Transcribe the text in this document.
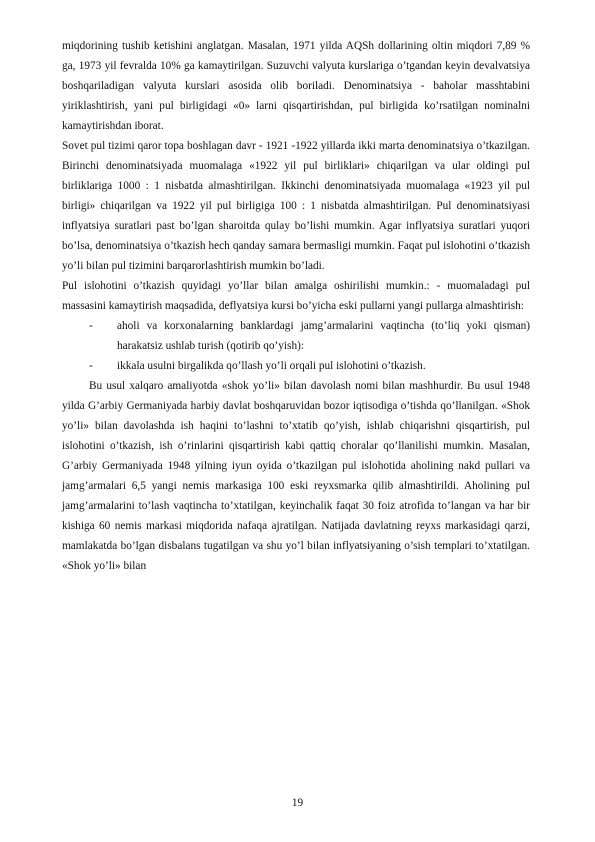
miqdorining tushib ketishini anglatgan. Masalan, 1971 yilda AQSh dollarining oltin miqdori 7,89 % ga, 1973 yil fevralda 10% ga kamaytirilgan. Suzuvchi valyuta kurslariga o’tgandan keyin devalvatsiya boshqariladigan valyuta kurslari asosida olib boriladi. Denominatsiya - baholar masshtabini yiriklashtirish, yani pul birligidagi «0» larni qisqartirishdan, pul birligida ko’rsatilgan nominalni kamaytirishdan iborat.

Sovet pul tizimi qaror topa boshlagan davr - 1921 -1922 yillarda ikki marta denominatsiya o’tkazilgan. Birinchi denominatsiyada muomalaga «1922 yil pul birliklari» chiqarilgan va ular oldingi pul birliklariga 1000 : 1 nisbatda almashtirilgan. Ikkinchi denominatsiyada muomalaga «1923 yil pul birligi» chiqarilgan va 1922 yil pul birligiga 100 : 1 nisbatda almashtirilgan. Pul denominatsiyasi inflyatsiya suratlari past bo’lgan sharoitda qulay bo’lishi mumkin. Agar inflyatsiya suratlari yuqori bo’lsa, denominatsiya o’tkazish hech qanday samara bermasligi mumkin. Faqat pul islohotini o’tkazish yo’li bilan pul tizimini barqarorlashtirish mumkin bo’ladi.

Pul islohotini o’tkazish quyidagi yo’llar bilan amalga oshirilishi mumkin.: - muomaladagi pul massasini kamaytirish maqsadida, deflyatsiya kursi bo’yicha eski pullarni yangi pullarga almashtirish:

- aholi va korxonalarning banklardagi jamg’armalarini vaqtincha (to’liq yoki qisman) harakatsiz ushlab turish (qotirib qo’yish):

- ikkala usulni birgalikda qo’llash yo’li orqali pul islohotini o’tkazish.

Bu usul xalqaro amaliyotda «shok yo’li» bilan davolash nomi bilan mashhurdir. Bu usul 1948 yilda G’arbiy Germaniyada harbiy davlat boshqaruvidan bozor iqtisodiga o’tishda qo’llanilgan. «Shok yo’li» bilan davolashda ish haqini to’lashni to’xtatib qo’yish, ishlab chiqarishni qisqartirish, pul islohotini o’tkazish, ish o’rinlarini qisqartirish kabi qattiq choralar qo’llanilishi mumkin. Masalan, G’arbiy Germaniyada 1948 yilning iyun oyida o’tkazilgan pul islohotida aholining nakd pullari va jamg’armalari 6,5 yangi nemis markasiga 100 eski reyxsmarka qilib almashtirildi. Aholining pul jamg’armalarini to’lash vaqtincha to’xtatilgan, keyinchalik faqat 30 foiz atrofida to’langan va har bir kishiga 60 nemis markasi miqdorida nafaqa ajratilgan. Natijada davlatning reyxs markasidagi qarzi, mamlakatda bo’lgan disbalans tugatilgan va shu yo’l bilan inflyatsiyaning o’sish templari to’xtatilgan. «Shok yo’li» bilan

19
